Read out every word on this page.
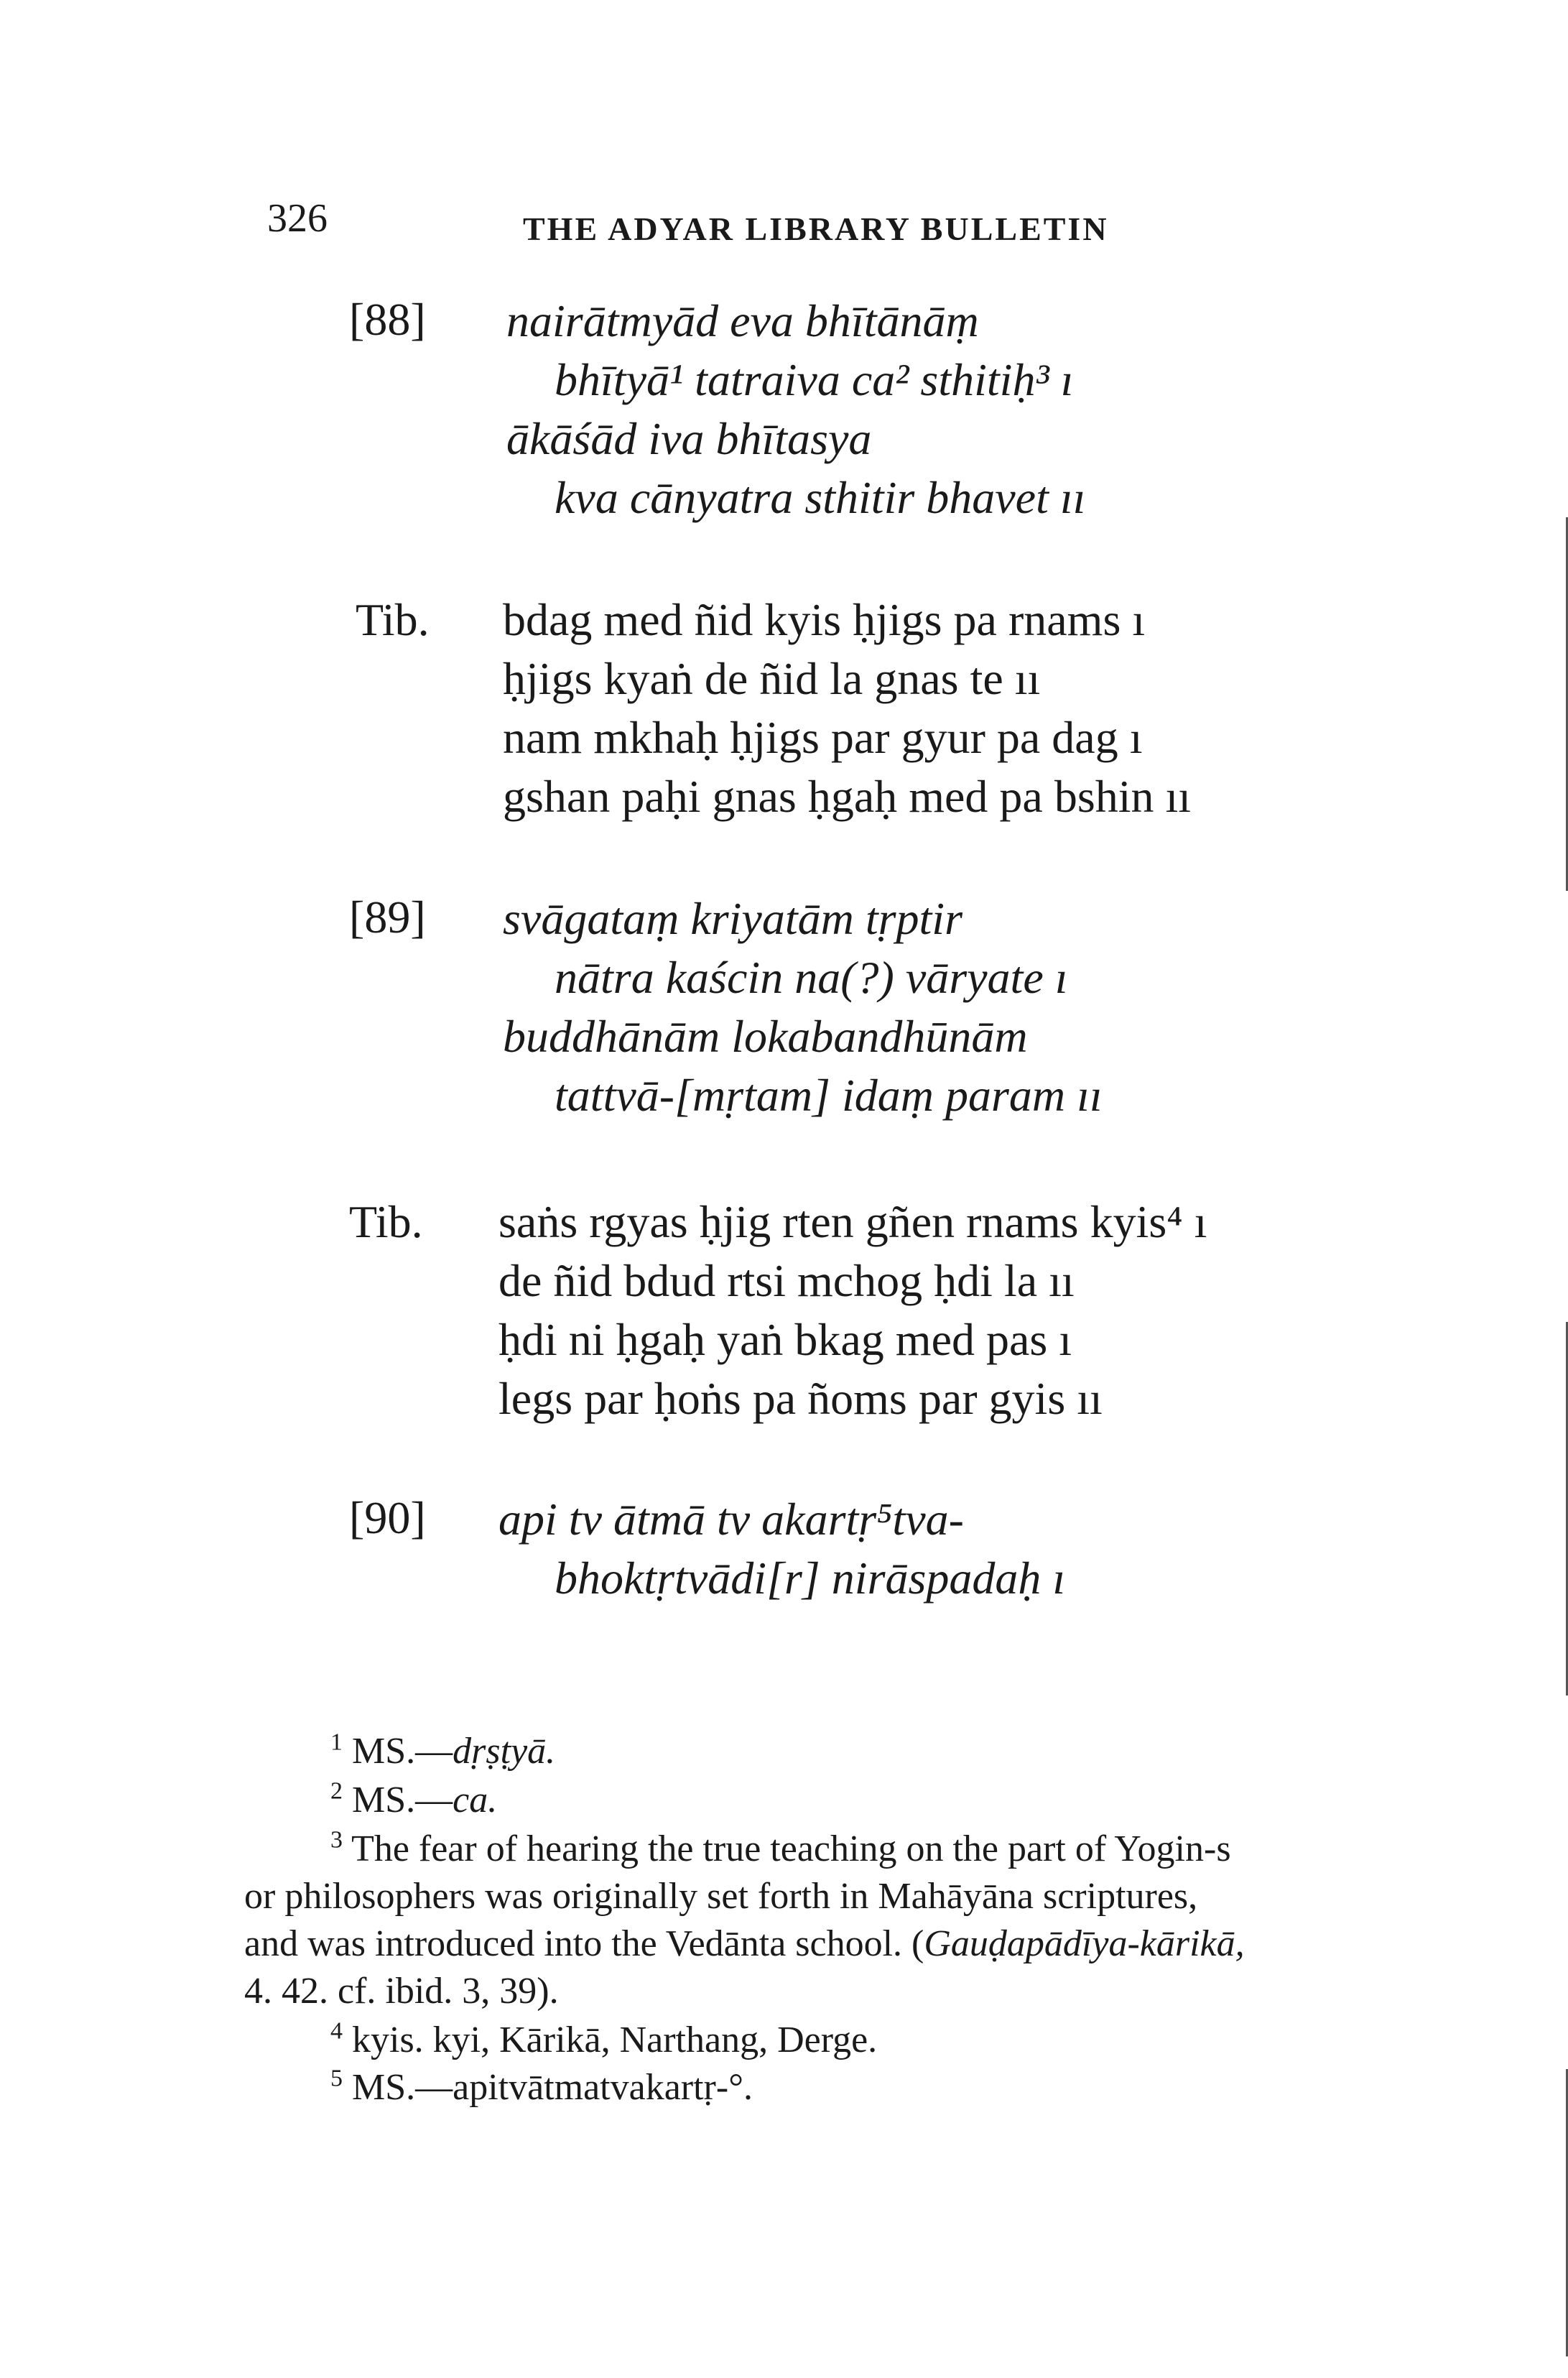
326	THE ADYAR LIBRARY BULLETIN
[88] nairātmyād eva bhītānāṃ
bhītyā¹ tatraiva ca² sthitiḥ³ ı
ākāśād iva bhītasya
kva cānyatra sthitir bhavet ıı
Tib. bdag med ñid kyis ḥjigs pa rnams ı
ḥjigs kyaṅ de ñid la gnas te ıı
nam mkhaḥ ḥjigs par gyur pa dag ı
gshan paḥi gnas ḥgaḥ med pa bshin ıı
[89] svāgataṃ kriyatām tṛptir
nātra kaścin na(?) vāryate ı
buddhānām lokabandhūnām
tattvā-[mṛtam] idaṃ param ıı
Tib. saṅs rgyas ḥjig rten gñen rnams kyis⁴ ı
de ñid bdud rtsi mchog ḥdi la ıı
ḥdi ni ḥgaḥ yaṅ bkag med pas ı
legs par ḥoṅs pa ñoms par gyis ıı
[90] api tv ātmā tv akartṛ⁵tva-
bhoktṛtvādi[r] nirāspadaḥ ı
$^1$ MS.—dṛṣṭyā.
$^2$ MS.—ca.
$^3$ The fear of hearing the true teaching on the part of Yogin-s
or philosophers was originally set forth in Mahāyāna scriptures,
and was introduced into the Vedānta school. (Gauḍapādīya-kārikā,
4. 42. cf. ibid. 3, 39).
$^4$ kyis. kyi, Kārikā, Narthang, Derge.
$^5$ MS.—apitvātmatvakartṛ-°.
